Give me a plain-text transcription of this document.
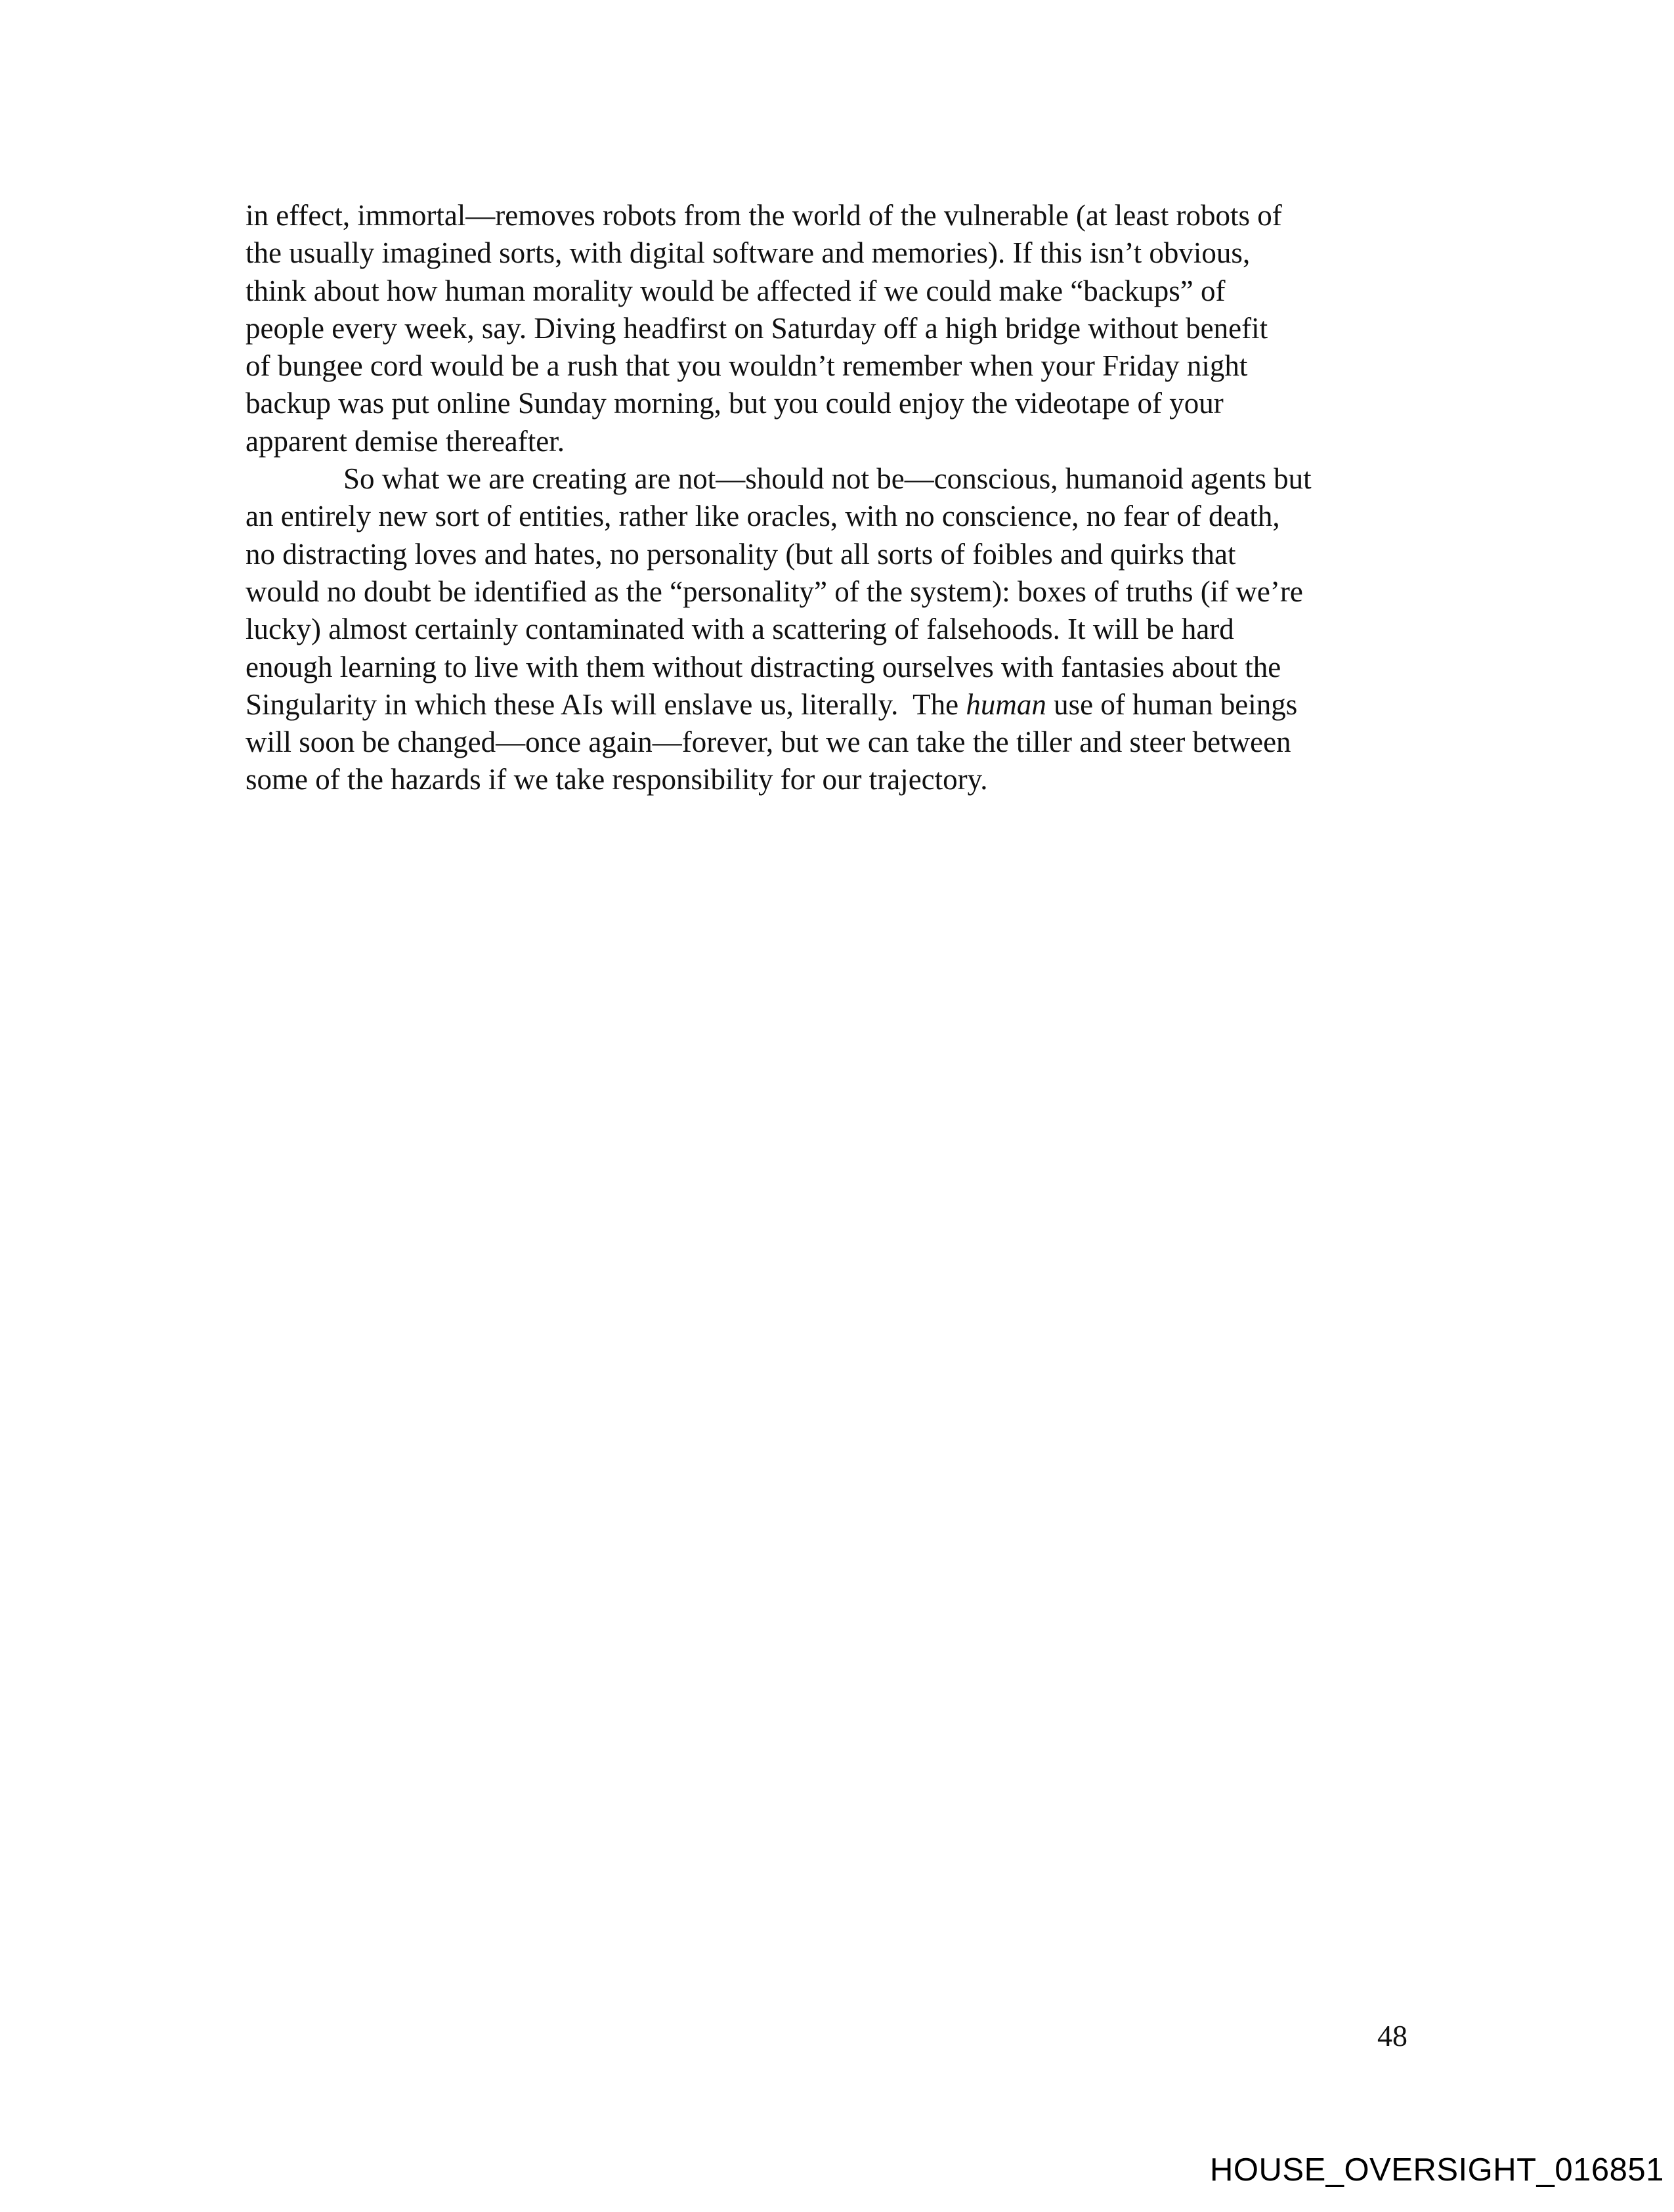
in effect, immortal—removes robots from the world of the vulnerable (at least robots of
the usually imagined sorts, with digital software and memories). If this isn’t obvious,
think about how human morality would be affected if we could make “backups” of
people every week, say. Diving headfirst on Saturday off a high bridge without benefit
of bungee cord would be a rush that you wouldn’t remember when your Friday night
backup was put online Sunday morning, but you could enjoy the videotape of your
apparent demise thereafter.

So what we are creating are not—should not be—conscious, humanoid agents but
an entirely new sort of entities, rather like oracles, with no conscience, no fear of death,
no distracting loves and hates, no personality (but all sorts of foibles and quirks that
would no doubt be identified as the “personality” of the system): boxes of truths (if we’re
lucky) almost certainly contaminated with a scattering of falsehoods. It will be hard
enough learning to live with them without distracting ourselves with fantasies about the
Singularity in which these AIs will enslave us, literally.  The human use of human beings
will soon be changed—once again—forever, but we can take the tiller and steer between
some of the hazards if we take responsibility for our trajectory.

48
HOUSE_OVERSIGHT_016851
